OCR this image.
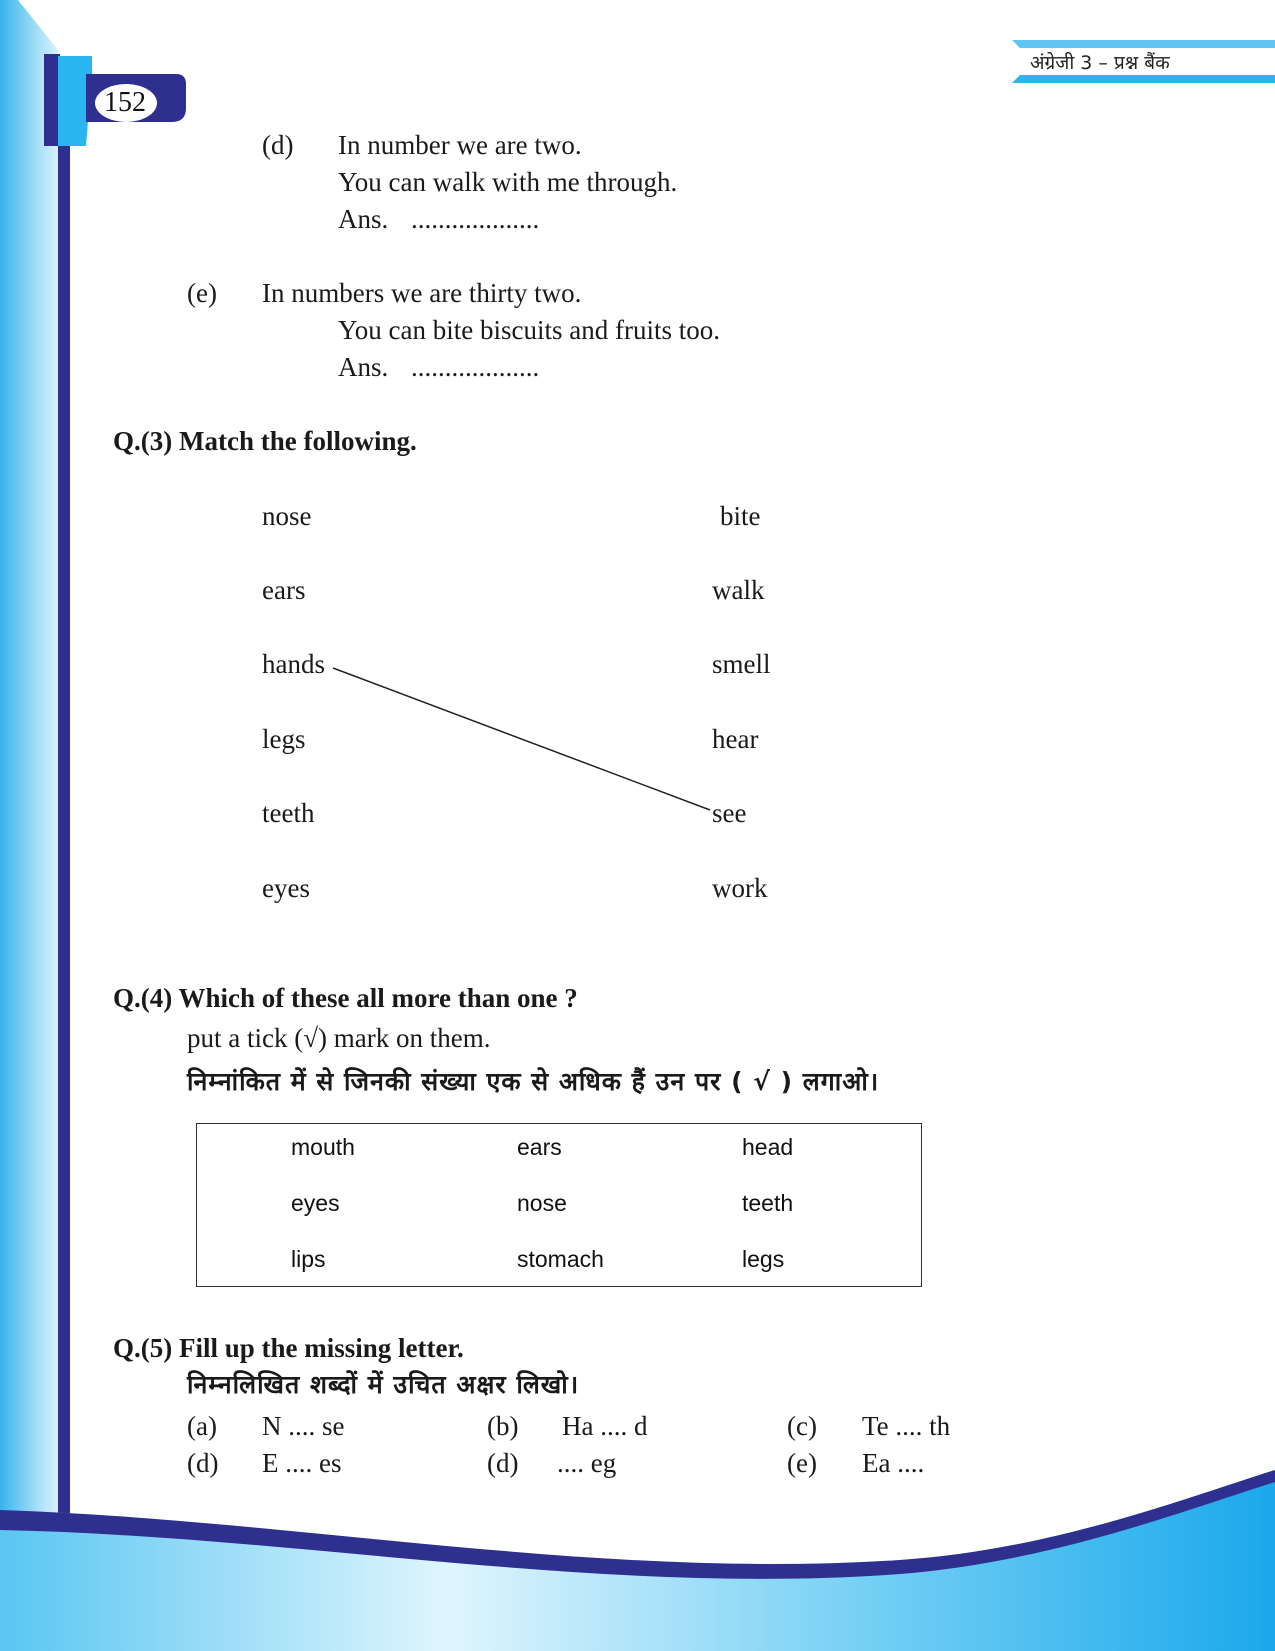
152
अंग्रेजी 3 – प्रश्न बैंक
(d) In number we are two.
You can walk with me through.
Ans. ...................
(e) In numbers we are thirty two.
You can bite biscuits and fruits too.
Ans. ...................
Q.(3) Match the following.
nose
ears
hands
legs
teeth
eyes
bite
walk
smell
hear
see
work
Q.(4) Which of these all more than one ?
put a tick (√) mark on them.
निम्नांकित में से जिनकी संख्या एक से अधिक हैं उन पर ( √ ) लगाओ।
mouth	ears	head
eyes	nose	teeth
lips	stomach	legs
Q.(5) Fill up the missing letter.
निम्नलिखित शब्दों में उचित अक्षर लिखो।
(a) N .... se	(b) Ha .... d	(c) Te .... th
(d) E .... es	(d) .... eg	(e) Ea ....
